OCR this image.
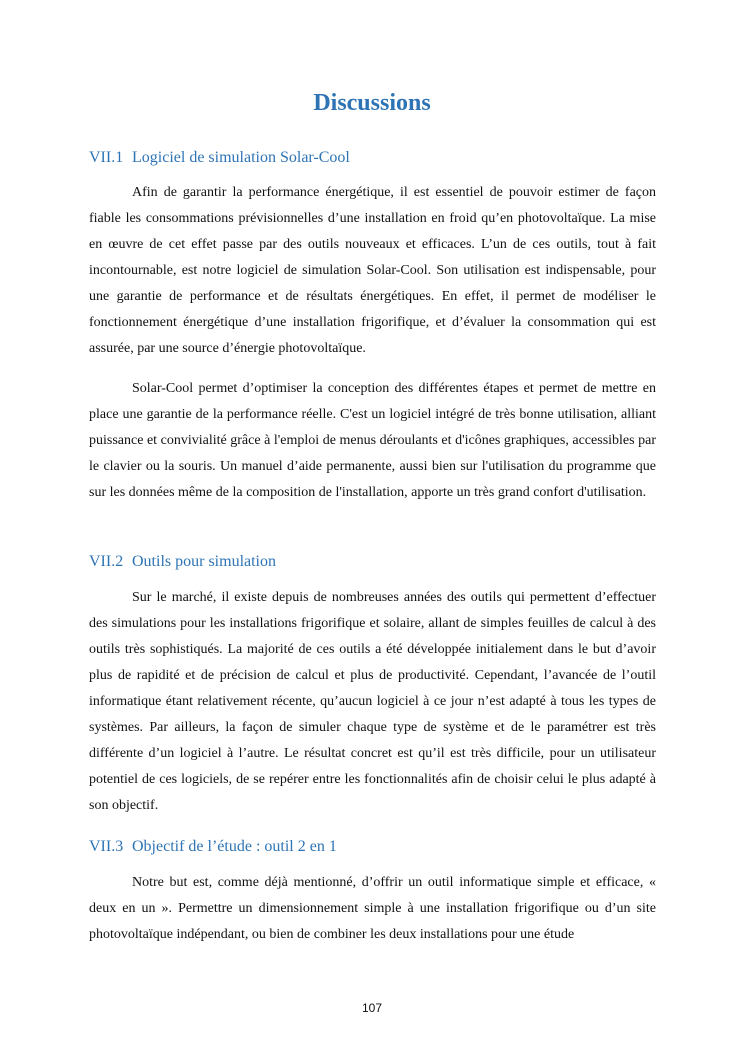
Discussions
VII.1 Logiciel de simulation Solar-Cool

Afin de garantir la performance énergétique, il est essentiel de pouvoir estimer de façon fiable les consommations prévisionnelles d’une installation en froid qu’en photovoltaïque. La mise en œuvre de cet effet passe par des outils nouveaux et efficaces. L’un de ces outils, tout à fait incontournable, est notre logiciel de simulation Solar-Cool. Son utilisation est indispensable, pour une garantie de performance et de résultats énergétiques. En effet, il permet de modéliser le fonctionnement énergétique d’une installation frigorifique, et d’évaluer la consommation qui est assurée, par une source d’énergie photovoltaïque.

Solar-Cool permet d’optimiser la conception des différentes étapes et permet de mettre en place une garantie de la performance réelle. C'est un logiciel intégré de très bonne utilisation, alliant puissance et convivialité grâce à l'emploi de menus déroulants et d'icônes graphiques, accessibles par le clavier ou la souris. Un manuel d’aide permanente, aussi bien sur l'utilisation du programme que sur les données même de la composition de l'installation, apporte un très grand confort d'utilisation.

VII.2 Outils pour simulation

Sur le marché, il existe depuis de nombreuses années des outils qui permettent d’effectuer des simulations pour les installations frigorifique et solaire, allant de simples feuilles de calcul à des outils très sophistiqués. La majorité de ces outils a été développée initialement dans le but d’avoir plus de rapidité et de précision de calcul et plus de productivité. Cependant, l’avancée de l’outil informatique étant relativement récente, qu’aucun logiciel à ce jour n’est adapté à tous les types de systèmes. Par ailleurs, la façon de simuler chaque type de système et de le paramétrer est très différente d’un logiciel à l’autre. Le résultat concret est qu’il est très difficile, pour un utilisateur potentiel de ces logiciels, de se repérer entre les fonctionnalités afin de choisir celui le plus adapté à son objectif.

VII.3 Objectif de l’étude : outil 2 en 1

Notre but est, comme déjà mentionné, d’offrir un outil informatique simple et efficace, « deux en un ». Permettre un dimensionnement simple à une installation frigorifique ou d’un site photovoltaïque indépendant, ou bien de combiner les deux installations pour une étude

107
